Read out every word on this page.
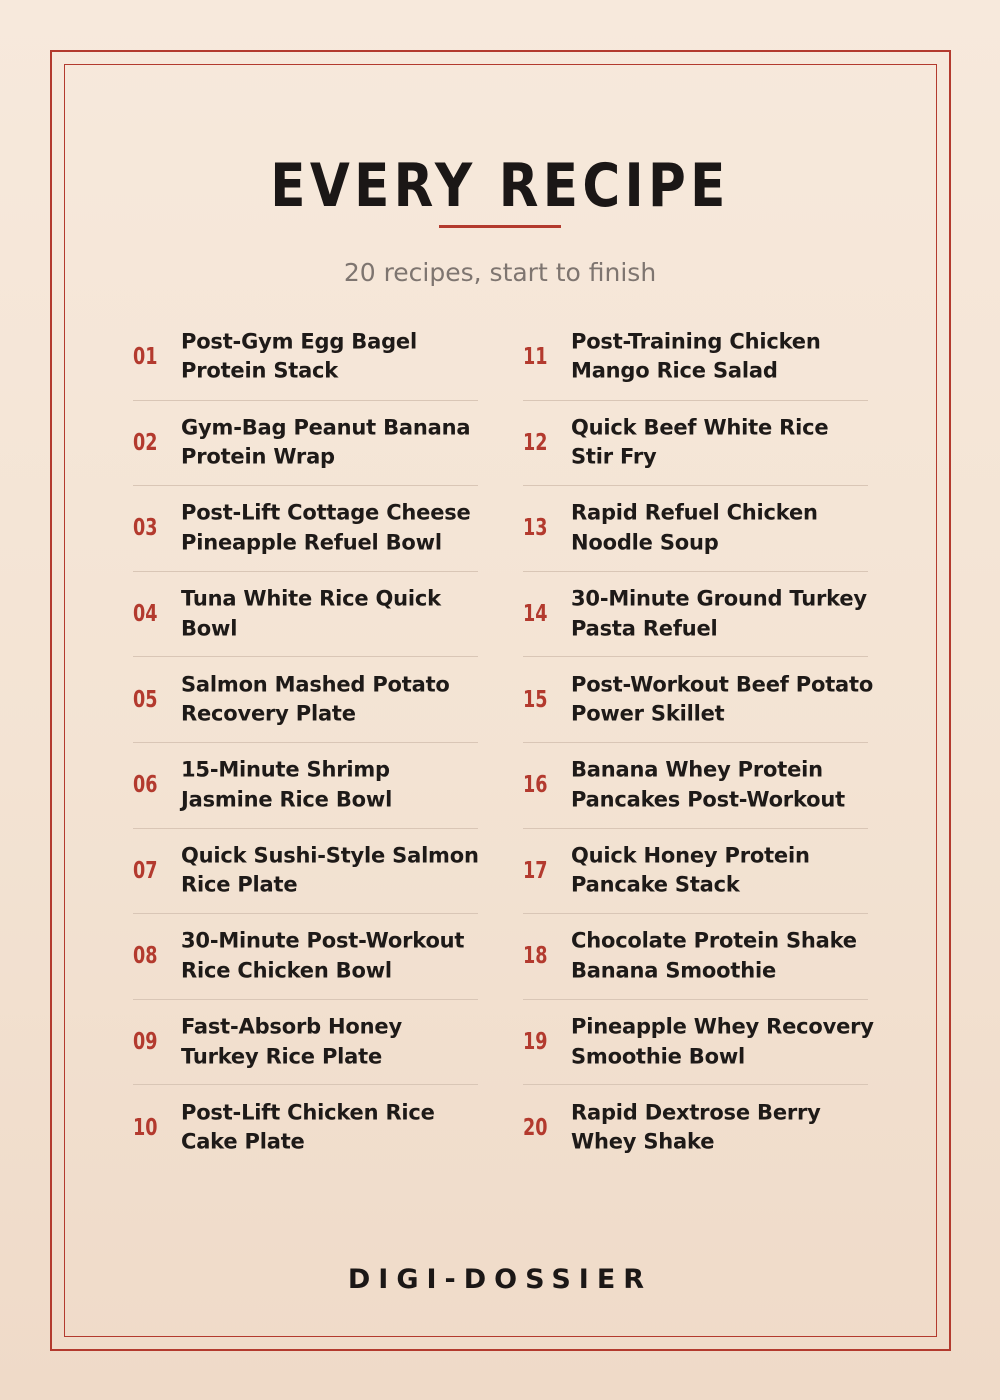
EVERY RECIPE
20 recipes, start to finish
01
Post-Gym Egg Bagel Protein Stack
02
Gym-Bag Peanut Banana Protein Wrap
03
Post-Lift Cottage Cheese Pineapple Refuel Bowl
04
Tuna White Rice Quick Bowl
05
Salmon Mashed Potato Recovery Plate
06
15-Minute Shrimp Jasmine Rice Bowl
07
Quick Sushi-Style Salmon Rice Plate
08
30-Minute Post-Workout Rice Chicken Bowl
09
Fast-Absorb Honey Turkey Rice Plate
10
Post-Lift Chicken Rice Cake Plate
11
Post-Training Chicken Mango Rice Salad
12
Quick Beef White Rice Stir Fry
13
Rapid Refuel Chicken Noodle Soup
14
30-Minute Ground Turkey Pasta Refuel
15
Post-Workout Beef Potato Power Skillet
16
Banana Whey Protein Pancakes Post-Workout
17
Quick Honey Protein Pancake Stack
18
Chocolate Protein Shake Banana Smoothie
19
Pineapple Whey Recovery Smoothie Bowl
20
Rapid Dextrose Berry Whey Shake
DIGI-DOSSIER
